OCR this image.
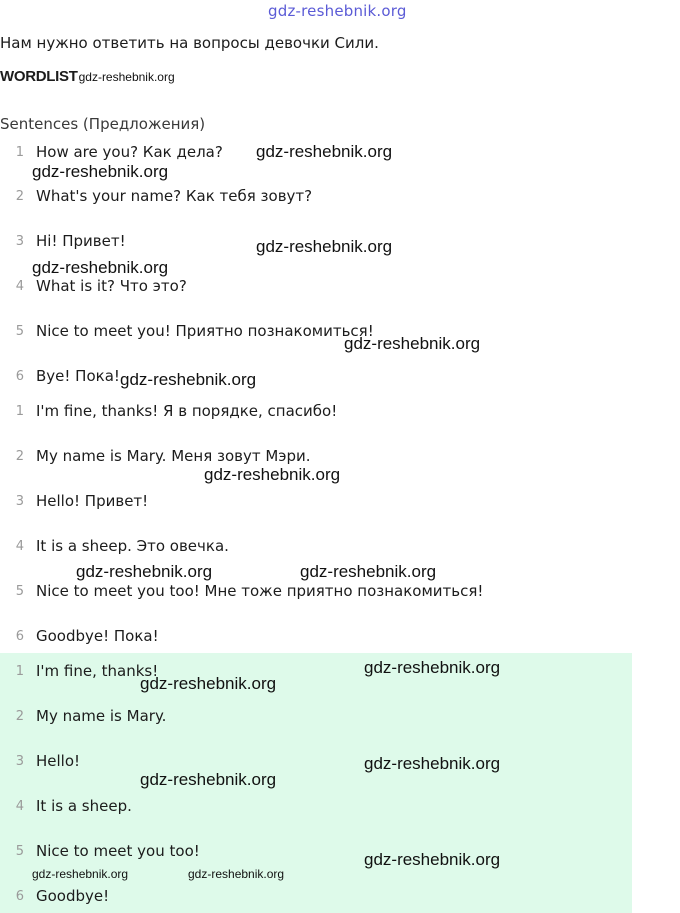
gdz-reshebnik.org
Нам нужно ответить на вопросы девочки Сили.
WORDLIST gdz-reshebnik.org
Sentences (Предложения)
1 How are you? Как дела?
2 What's your name? Как тебя зовут?
3 Hi! Привет!
4 What is it? Что это?
5 Nice to meet you! Приятно познакомиться!
6 Bye! Пока!
1 I'm fine, thanks! Я в порядке, спасибо!
2 My name is Mary. Меня зовут Мэри.
3 Hello! Привет!
4 It is a sheep. Это овечка.
5 Nice to meet you too! Мне тоже приятно познакомиться!
6 Goodbye! Пока!
1 I'm fine, thanks!
2 My name is Mary.
3 Hello!
4 It is a sheep.
5 Nice to meet you too!
6 Goodbye!
gdz-reshebnik.org
gdz-reshebnik.org
gdz-reshebnik.org
gdz-reshebnik.org
gdz-reshebnik.org
gdz-reshebnik.org
gdz-reshebnik.org
gdz-reshebnik.org	gdz-reshebnik.org
gdz-reshebnik.org
gdz-reshebnik.org
gdz-reshebnik.org
gdz-reshebnik.org
gdz-reshebnik.org
gdz-reshebnik.org	gdz-reshebnik.org
